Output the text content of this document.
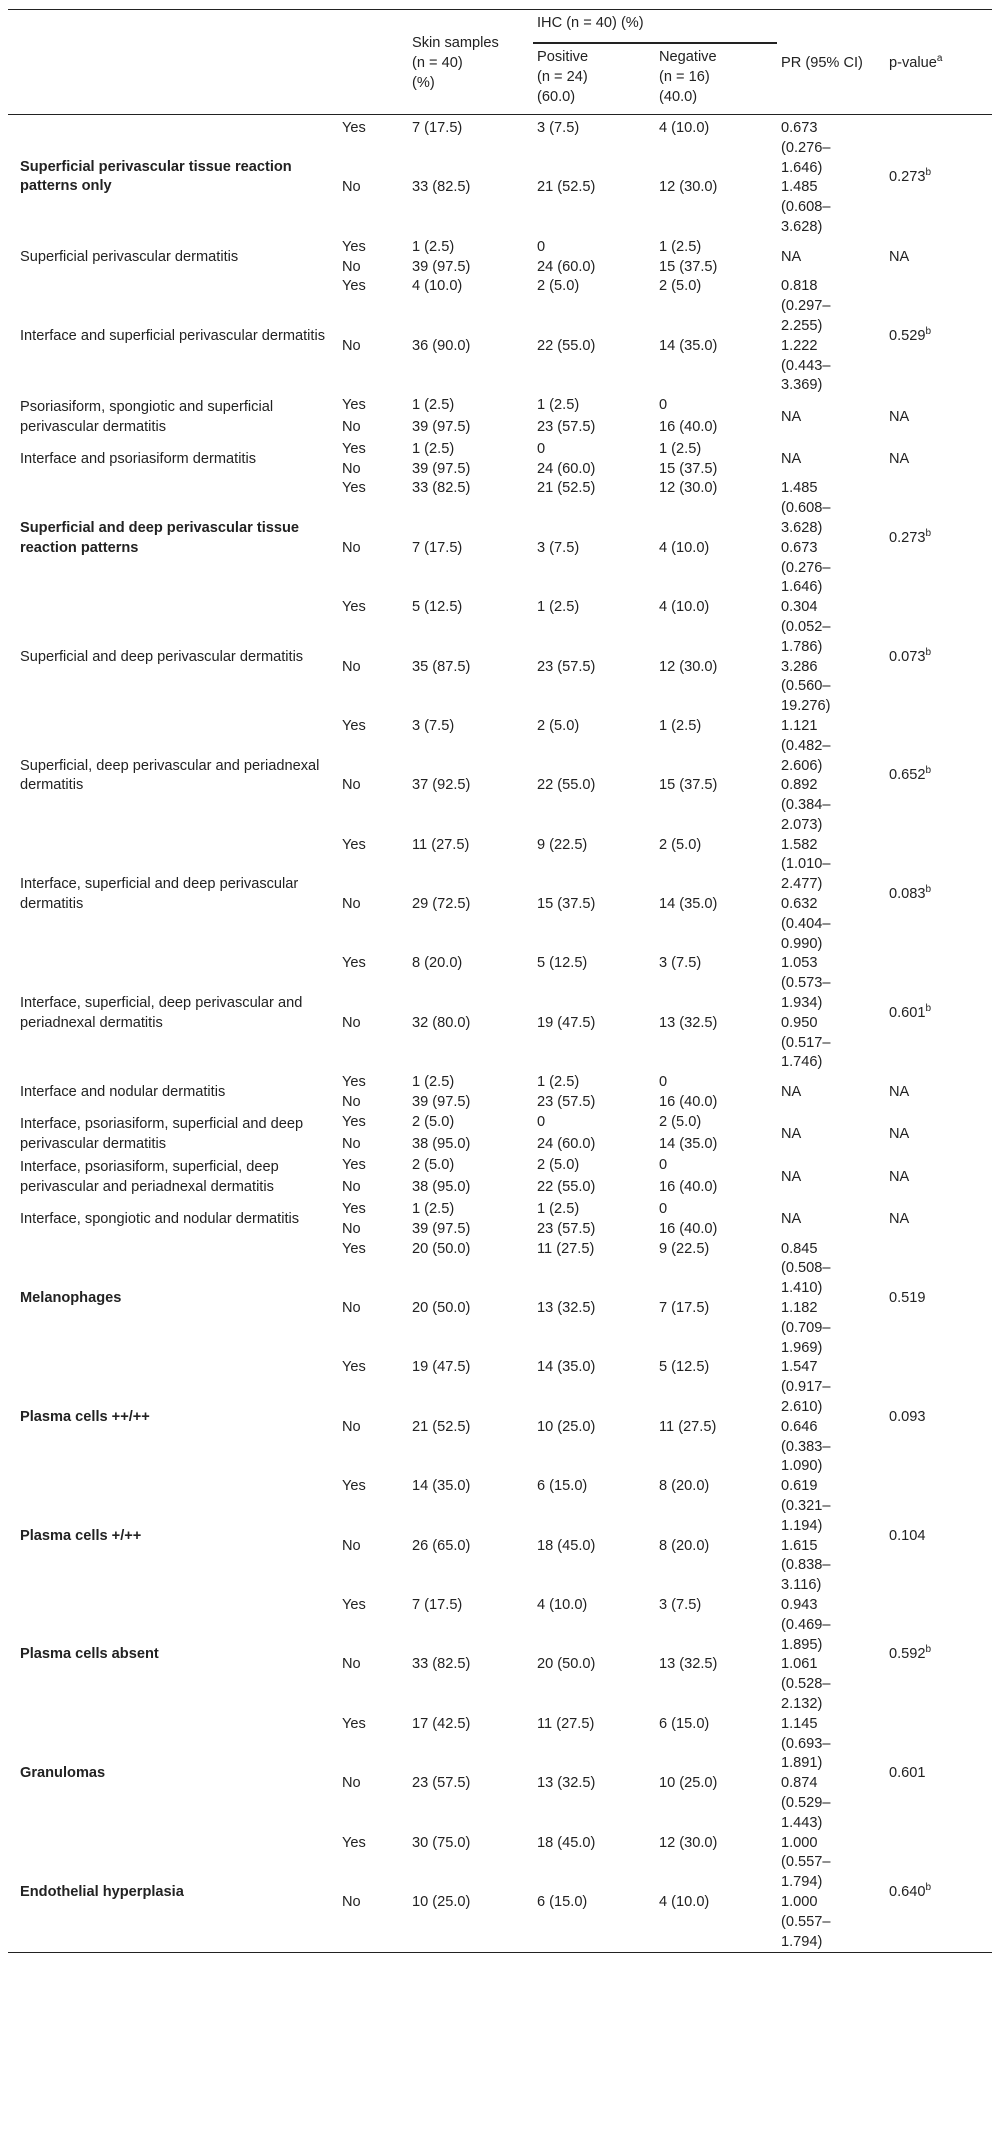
		Skin samples
(n = 40)
(%)	IHC (n = 40) (%)		PR (95% CI)	p-value$^a$
			Positive
(n = 24)
(60.0)	Negative
(n = 16)
(40.0)		
Superficial perivascular tissue reaction patterns only	Yes	7 (17.5)	3 (7.5)	4 (10.0)	0.673
(0.276–
1.646)	0.273$^b$
	No	33 (82.5)	21 (52.5)	12 (30.0)	1.485
(0.608–
3.628)	
Superficial perivascular dermatitis	Yes	1 (2.5)	0	1 (2.5)	NA	NA
	No	39 (97.5)	24 (60.0)	15 (37.5)		
Interface and superficial perivascular dermatitis	Yes	4 (10.0)	2 (5.0)	2 (5.0)	0.818
(0.297–
2.255)	0.529$^b$
	No	36 (90.0)	22 (55.0)	14 (35.0)	1.222
(0.443–
3.369)	
Psoriasiform, spongiotic and superficial perivascular dermatitis	Yes	1 (2.5)	1 (2.5)	0	NA	NA
	No	39 (97.5)	23 (57.5)	16 (40.0)		
Interface and psoriasiform dermatitis	Yes	1 (2.5)	0	1 (2.5)	NA	NA
	No	39 (97.5)	24 (60.0)	15 (37.5)		
Superficial and deep perivascular tissue reaction patterns	Yes	33 (82.5)	21 (52.5)	12 (30.0)	1.485
(0.608–
3.628)	0.273$^b$
	No	7 (17.5)	3 (7.5)	4 (10.0)	0.673
(0.276–
1.646)	
Superficial and deep perivascular dermatitis	Yes	5 (12.5)	1 (2.5)	4 (10.0)	0.304
(0.052–
1.786)	0.073$^b$
	No	35 (87.5)	23 (57.5)	12 (30.0)	3.286
(0.560–
19.276)	
Superficial, deep perivascular and periadnexal dermatitis	Yes	3 (7.5)	2 (5.0)	1 (2.5)	1.121
(0.482–
2.606)	0.652$^b$
	No	37 (92.5)	22 (55.0)	15 (37.5)	0.892
(0.384–
2.073)	
Interface, superficial and deep perivascular dermatitis	Yes	11 (27.5)	9 (22.5)	2 (5.0)	1.582
(1.010–
2.477)	0.083$^b$
	No	29 (72.5)	15 (37.5)	14 (35.0)	0.632
(0.404–
0.990)	
Interface, superficial, deep perivascular and periadnexal dermatitis	Yes	8 (20.0)	5 (12.5)	3 (7.5)	1.053
(0.573–
1.934)	0.601$^b$
	No	32 (80.0)	19 (47.5)	13 (32.5)	0.950
(0.517–
1.746)	
Interface and nodular dermatitis	Yes	1 (2.5)	1 (2.5)	0	NA	NA
	No	39 (97.5)	23 (57.5)	16 (40.0)		
Interface, psoriasiform, superficial and deep perivascular dermatitis	Yes	2 (5.0)	0	2 (5.0)	NA	NA
	No	38 (95.0)	24 (60.0)	14 (35.0)		
Interface, psoriasiform, superficial, deep perivascular and periadnexal dermatitis	Yes	2 (5.0)	2 (5.0)	0	NA	NA
	No	38 (95.0)	22 (55.0)	16 (40.0)		
Interface, spongiotic and nodular dermatitis	Yes	1 (2.5)	1 (2.5)	0	NA	NA
	No	39 (97.5)	23 (57.5)	16 (40.0)		
Melanophages	Yes	20 (50.0)	11 (27.5)	9 (22.5)	0.845
(0.508–
1.410)	0.519
	No	20 (50.0)	13 (32.5)	7 (17.5)	1.182
(0.709–
1.969)	
Plasma cells ++/++	Yes	19 (47.5)	14 (35.0)	5 (12.5)	1.547
(0.917–
2.610)	0.093
	No	21 (52.5)	10 (25.0)	11 (27.5)	0.646
(0.383–
1.090)	
Plasma cells +/++	Yes	14 (35.0)	6 (15.0)	8 (20.0)	0.619
(0.321–
1.194)	0.104
	No	26 (65.0)	18 (45.0)	8 (20.0)	1.615
(0.838–
3.116)	
Plasma cells absent	Yes	7 (17.5)	4 (10.0)	3 (7.5)	0.943
(0.469–
1.895)	0.592$^b$
	No	33 (82.5)	20 (50.0)	13 (32.5)	1.061
(0.528–
2.132)	
Granulomas	Yes	17 (42.5)	11 (27.5)	6 (15.0)	1.145
(0.693–
1.891)	0.601
	No	23 (57.5)	13 (32.5)	10 (25.0)	0.874
(0.529–
1.443)	
Endothelial hyperplasia	Yes	30 (75.0)	18 (45.0)	12 (30.0)	1.000
(0.557–
1.794)	0.640$^b$
	No	10 (25.0)	6 (15.0)	4 (10.0)	1.000
(0.557–
1.794)	
